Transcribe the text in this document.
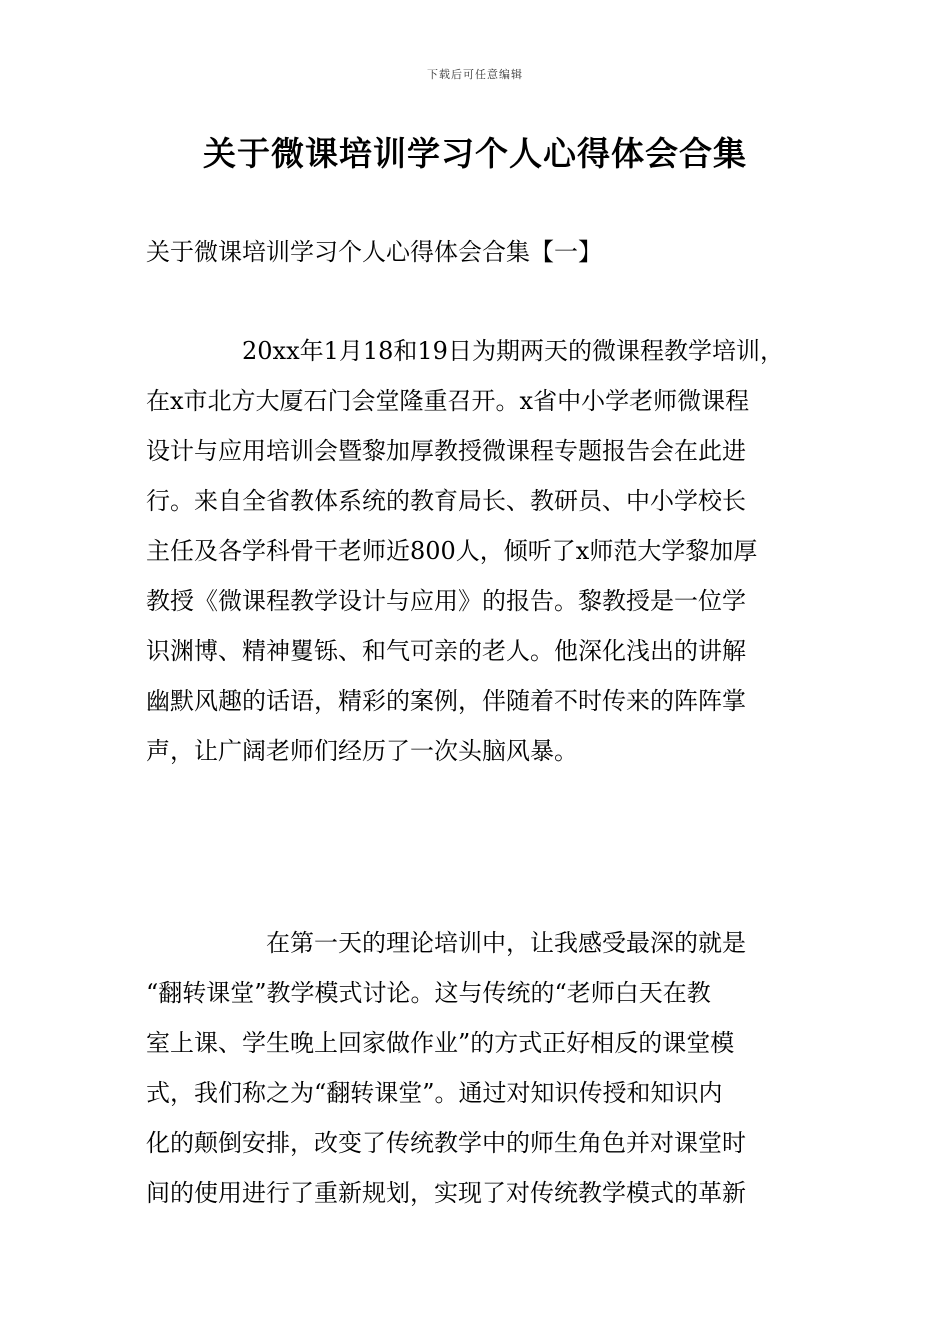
下载后可任意编辑
关于微课培训学习个人心得体会合集
关于微课培训学习个人心得体会合集【一】
　　　　20xx年1月18和19日为期两天的微课程教学培训，
在x市北方大厦石门会堂隆重召开。x省中小学老师微课程
设计与应用培训会暨黎加厚教授微课程专题报告会在此进
行。来自全省教体系统的教育局长、教研员、中小学校长
主任及各学科骨干老师近800人，倾听了x师范大学黎加厚
教授《微课程教学设计与应用》的报告。黎教授是一位学
识渊博、精神矍铄、和气可亲的老人。他深化浅出的讲解
幽默风趣的话语，精彩的案例，伴随着不时传来的阵阵掌
声，让广阔老师们经历了一次头脑风暴。
　　　　　在第一天的理论培训中，让我感受最深的就是
“翻转课堂”教学模式讨论。这与传统的“老师白天在教
室上课、学生晚上回家做作业”的方式正好相反的课堂模
式，我们称之为“翻转课堂”。通过对知识传授和知识内
化的颠倒安排，改变了传统教学中的师生角色并对课堂时
间的使用进行了重新规划，实现了对传统教学模式的革新
